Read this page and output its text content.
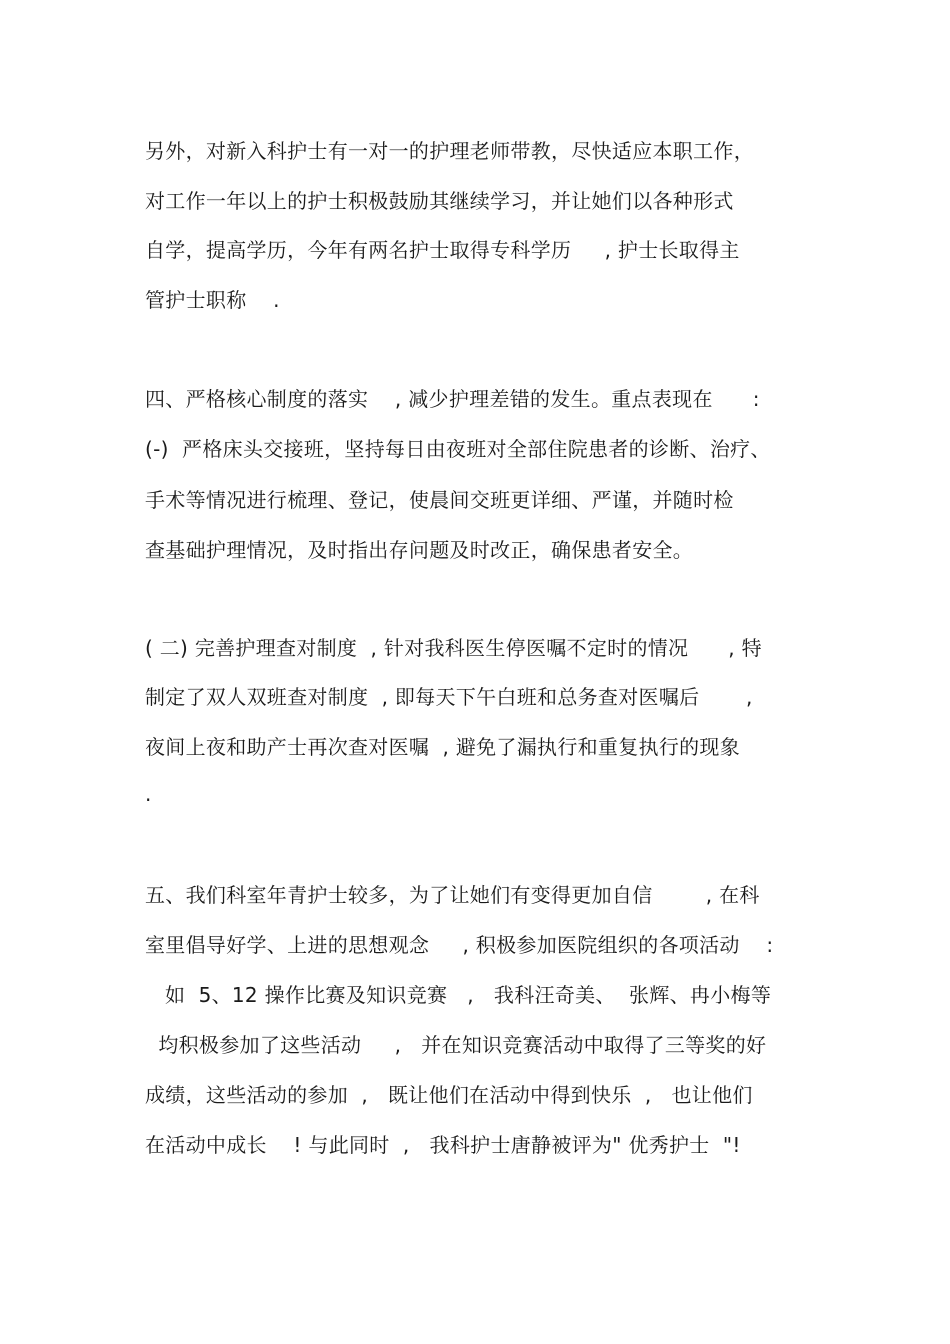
另外，对新入科护士有一对一的护理老师带教，尽快适应本职工作，
对工作一年以上的护士积极鼓励其继续学习，并让她们以各种形式
自学，提高学历，今年有两名护士取得专科学历     , 护士长取得主
管护士职称    .
四、严格核心制度的落实    , 减少护理差错的发生。重点表现在      :
(-)  严格床头交接班，坚持每日由夜班对全部住院患者的诊断、治疗、
手术等情况进行梳理、登记，使晨间交班更详细、严谨，并随时检
查基础护理情况，及时指出存问题及时改正，确保患者安全。
( 二) 完善护理查对制度  , 针对我科医生停医嘱不定时的情况      , 特
制定了双人双班查对制度  , 即每天下午白班和总务查对医嘱后       ,
夜间上夜和助产士再次查对医嘱  , 避免了漏执行和重复执行的现象
.
五、我们科室年青护士较多，为了让她们有变得更加自信        , 在科
室里倡导好学、上进的思想观念     , 积极参加医院组织的各项活动    :
如  5、12 操作比赛及知识竞赛   ,   我科汪奇美、  张辉、冉小梅等
均积极参加了这些活动     ,   并在知识竞赛活动中取得了三等奖的好
成绩，这些活动的参加  ,   既让他们在活动中得到快乐  ,   也让他们
在活动中成长    ! 与此同时  ,   我科护士唐静被评为" 优秀护士  "!
